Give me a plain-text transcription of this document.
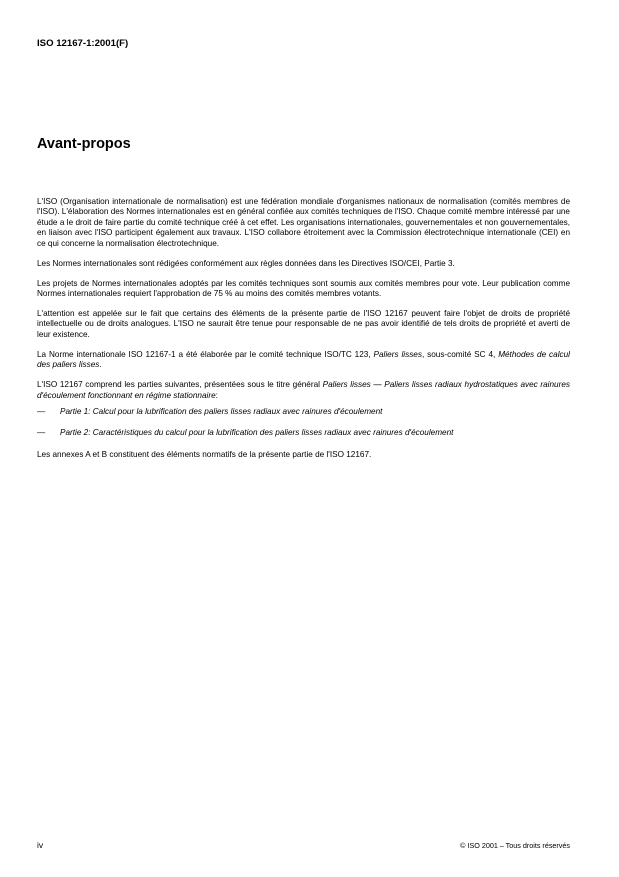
ISO 12167-1:2001(F)
Avant-propos

L'ISO (Organisation internationale de normalisation) est une fédération mondiale d'organismes nationaux de normalisation (comités membres de l'ISO). L'élaboration des Normes internationales est en général confiée aux comités techniques de l'ISO. Chaque comité membre intéressé par une étude a le droit de faire partie du comité technique créé à cet effet. Les organisations internationales, gouvernementales et non gouvernementales, en liaison avec l'ISO participent également aux travaux. L'ISO collabore étroitement avec la Commission électrotechnique internationale (CEI) en ce qui concerne la normalisation électrotechnique.

Les Normes internationales sont rédigées conformément aux règles données dans les Directives ISO/CEI, Partie 3.

Les projets de Normes internationales adoptés par les comités techniques sont soumis aux comités membres pour vote. Leur publication comme Normes internationales requiert l'approbation de 75 % au moins des comités membres votants.

L'attention est appelée sur le fait que certains des éléments de la présente partie de l'ISO 12167 peuvent faire l'objet de droits de propriété intellectuelle ou de droits analogues. L'ISO ne saurait être tenue pour responsable de ne pas avoir identifié de tels droits de propriété et averti de leur existence.

La Norme internationale ISO 12167-1 a été élaborée par le comité technique ISO/TC 123, Paliers lisses, sous-comité SC 4, Méthodes de calcul des paliers lisses.

L'ISO 12167 comprend les parties suivantes, présentées sous le titre général Paliers lisses — Paliers lisses radiaux hydrostatiques avec rainures d'écoulement fonctionnant en régime stationnaire:

—	Partie 1: Calcul pour la lubrification des paliers lisses radiaux avec rainures d'écoulement
—	Partie 2: Caractéristiques du calcul pour la lubrification des paliers lisses radiaux avec rainures d'écoulement

Les annexes A et B constituent des éléments normatifs de la présente partie de l'ISO 12167.

iv	© ISO 2001 – Tous droits réservés
